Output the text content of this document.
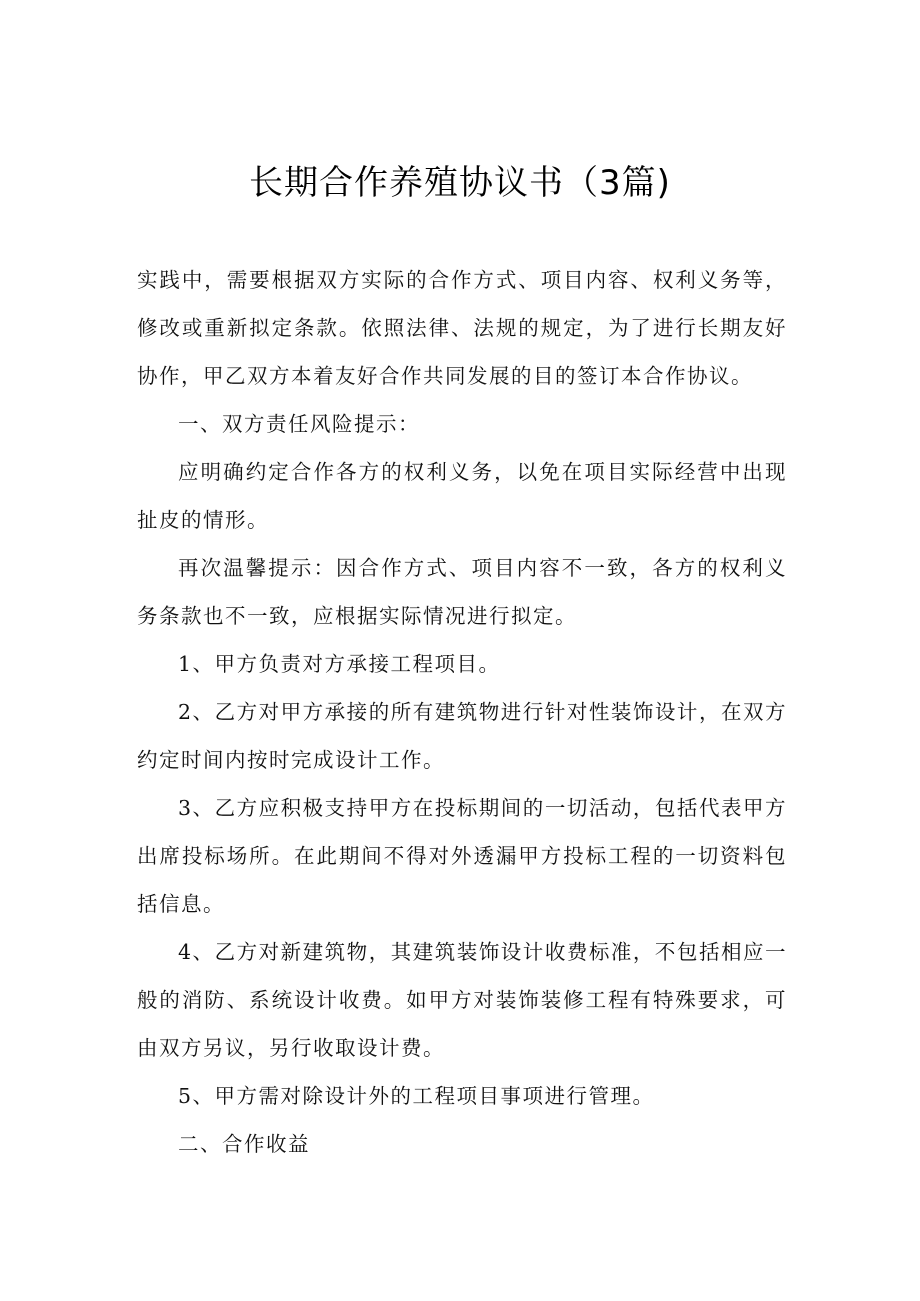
长期合作养殖协议书（3篇)

实践中，需要根据双方实际的合作方式、项目内容、权利义务等，修改或重新拟定条款。依照法律、法规的规定，为了进行长期友好协作，甲乙双方本着友好合作共同发展的目的签订本合作协议。

一、双方责任风险提示：

应明确约定合作各方的权利义务，以免在项目实际经营中出现扯皮的情形。

再次温馨提示：因合作方式、项目内容不一致，各方的权利义务条款也不一致，应根据实际情况进行拟定。

1、甲方负责对方承接工程项目。

2、乙方对甲方承接的所有建筑物进行针对性装饰设计，在双方约定时间内按时完成设计工作。

3、乙方应积极支持甲方在投标期间的一切活动，包括代表甲方出席投标场所。在此期间不得对外透漏甲方投标工程的一切资料包括信息。

4、乙方对新建筑物，其建筑装饰设计收费标准，不包括相应一般的消防、系统设计收费。如甲方对装饰装修工程有特殊要求，可由双方另议，另行收取设计费。

5、甲方需对除设计外的工程项目事项进行管理。

二、合作收益
